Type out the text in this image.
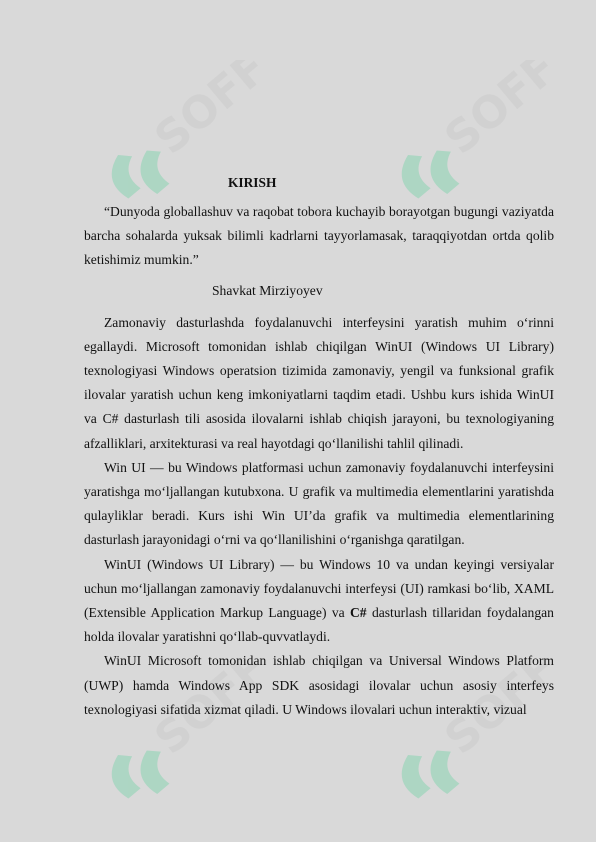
SOFF	SOFF
SOFF	SOFF
KIRISH

“Dunyoda globallashuv va raqobat tobora kuchayib borayotgan bugungi vaziyatda barcha sohalarda yuksak bilimli kadrlarni tayyorlamasak, taraqqiyotdan ortda qolib ketishimiz mumkin.”

Shavkat Mirziyoyev

Zamonaviy dasturlashda foydalanuvchi interfeysini yaratish muhim o‘rinni egallaydi. Microsoft tomonidan ishlab chiqilgan WinUI (Windows UI Library) texnologiyasi Windows operatsion tizimida zamonaviy, yengil va funksional grafik ilovalar yaratish uchun keng imkoniyatlarni taqdim etadi. Ushbu kurs ishida WinUI va C# dasturlash tili asosida ilovalarni ishlab chiqish jarayoni, bu texnologiyaning afzalliklari, arxitekturasi va real hayotdagi qo‘llanilishi tahlil qilinadi.

Win UI — bu Windows platformasi uchun zamonaviy foydalanuvchi interfeysini yaratishga mo‘ljallangan kutubxona. U grafik va multimedia elementlarini yaratishda qulayliklar beradi. Kurs ishi Win UI’da grafik va multimedia elementlarining dasturlash jarayonidagi o‘rni va qo‘llanilishini o‘rganishga qaratilgan.

WinUI (Windows UI Library) — bu Windows 10 va undan keyingi versiyalar uchun mo‘ljallangan zamonaviy foydalanuvchi interfeysi (UI) ramkasi bo‘lib, XAML (Extensible Application Markup Language) va C# dasturlash tillaridan foydalangan holda ilovalar yaratishni qo‘llab-quvvatlaydi.

WinUI Microsoft tomonidan ishlab chiqilgan va Universal Windows Platform (UWP) hamda Windows App SDK asosidagi ilovalar uchun asosiy interfeys texnologiyasi sifatida xizmat qiladi. U Windows ilovalari uchun interaktiv, vizual
